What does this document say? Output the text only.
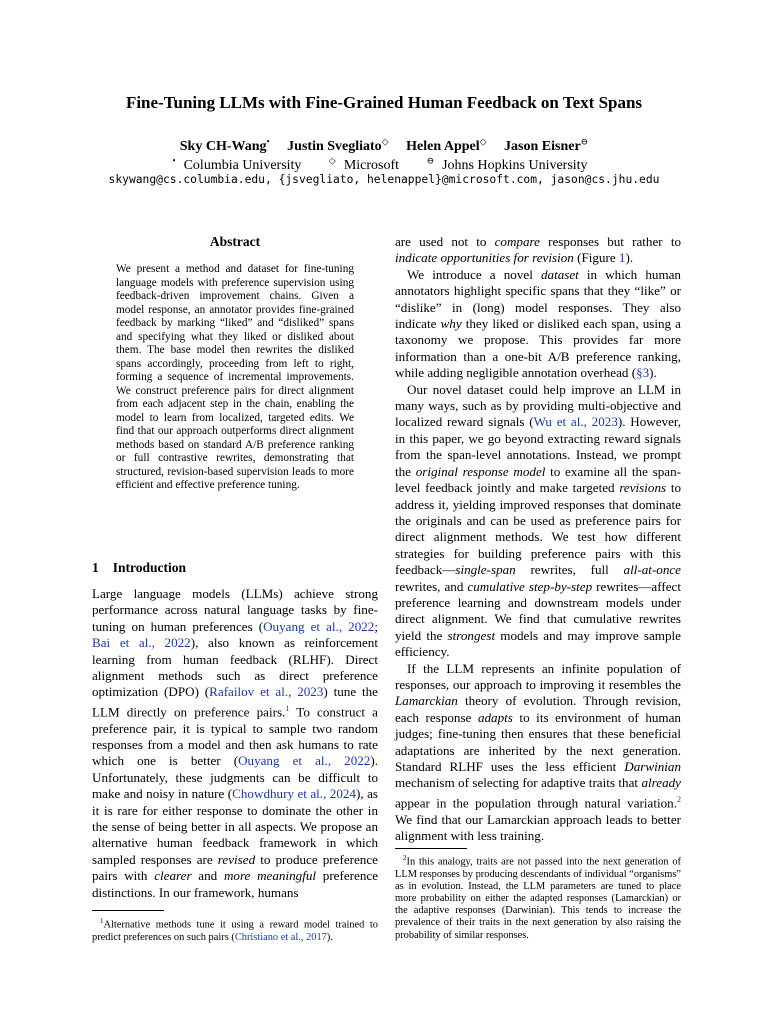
Fine-Tuning LLMs with Fine-Grained Human Feedback on Text Spans
Sky CH-Wang• Justin Svegliato◇ Helen Appel◇ Jason Eisner⊖
• Columbia University	◇ Microsoft	⊖ Johns Hopkins University
skywang@cs.columbia.edu, {jsvegliato, helenappel}@microsoft.com, jason@cs.jhu.edu
Abstract
We present a method and dataset for fine-tuning language models with preference supervision using feedback-driven improvement chains. Given a model response, an annotator provides fine-grained feedback by marking “liked” and “disliked” spans and specifying what they liked or disliked about them. The base model then rewrites the disliked spans accordingly, proceeding from left to right, forming a sequence of incremental improvements. We construct preference pairs for direct alignment from each adjacent step in the chain, enabling the model to learn from localized, targeted edits. We find that our approach outperforms direct alignment methods based on standard A/B preference ranking or full contrastive rewrites, demonstrating that structured, revision-based supervision leads to more efficient and effective preference tuning.
1 Introduction

Large language models (LLMs) achieve strong performance across natural language tasks by fine-tuning on human preferences (Ouyang et al., 2022; Bai et al., 2022), also known as reinforcement learning from human feedback (RLHF). Direct alignment methods such as direct preference optimization (DPO) (Rafailov et al., 2023) tune the LLM directly on preference pairs.$^1$ To construct a preference pair, it is typical to sample two random responses from a model and then ask humans to rate which one is better (Ouyang et al., 2022). Unfortunately, these judgments can be difficult to make and noisy in nature (Chowdhury et al., 2024), as it is rare for either response to dominate the other in the sense of being better in all aspects. We propose an alternative human feedback framework in which sampled responses are revised to produce preference pairs with clearer and more meaningful preference distinctions. In our framework, humans

$^1$Alternative methods tune it using a reward model trained to predict preferences on such pairs (Christiano et al., 2017).

are used not to compare responses but rather to indicate opportunities for revision (Figure 1).

We introduce a novel dataset in which human annotators highlight specific spans that they “like” or “dislike” in (long) model responses. They also indicate why they liked or disliked each span, using a taxonomy we propose. This provides far more information than a one-bit A/B preference ranking, while adding negligible annotation overhead (§3).

Our novel dataset could help improve an LLM in many ways, such as by providing multi-objective and localized reward signals (Wu et al., 2023). However, in this paper, we go beyond extracting reward signals from the span-level annotations. Instead, we prompt the original response model to examine all the span-level feedback jointly and make targeted revisions to address it, yielding improved responses that dominate the originals and can be used as preference pairs for direct alignment methods. We test how different strategies for building preference pairs with this feedback—single-span rewrites, full all-at-once rewrites, and cumulative step-by-step rewrites—affect preference learning and downstream models under direct alignment. We find that cumulative rewrites yield the strongest models and may improve sample efficiency.

If the LLM represents an infinite population of responses, our approach to improving it resembles the Lamarckian theory of evolution. Through revision, each response adapts to its environment of human judges; fine-tuning then ensures that these beneficial adaptations are inherited by the next generation. Standard RLHF uses the less efficient Darwinian mechanism of selecting for adaptive traits that already appear in the population through natural variation.$^2$ We find that our Lamarckian approach leads to better alignment with less training.

$^2$In this analogy, traits are not passed into the next generation of LLM responses by producing descendants of individual “organisms” as in evolution. Instead, the LLM parameters are tuned to place more probability on either the adapted responses (Lamarckian) or the adaptive responses (Darwinian). This tends to increase the prevalence of their traits in the next generation by also raising the probability of similar responses.
